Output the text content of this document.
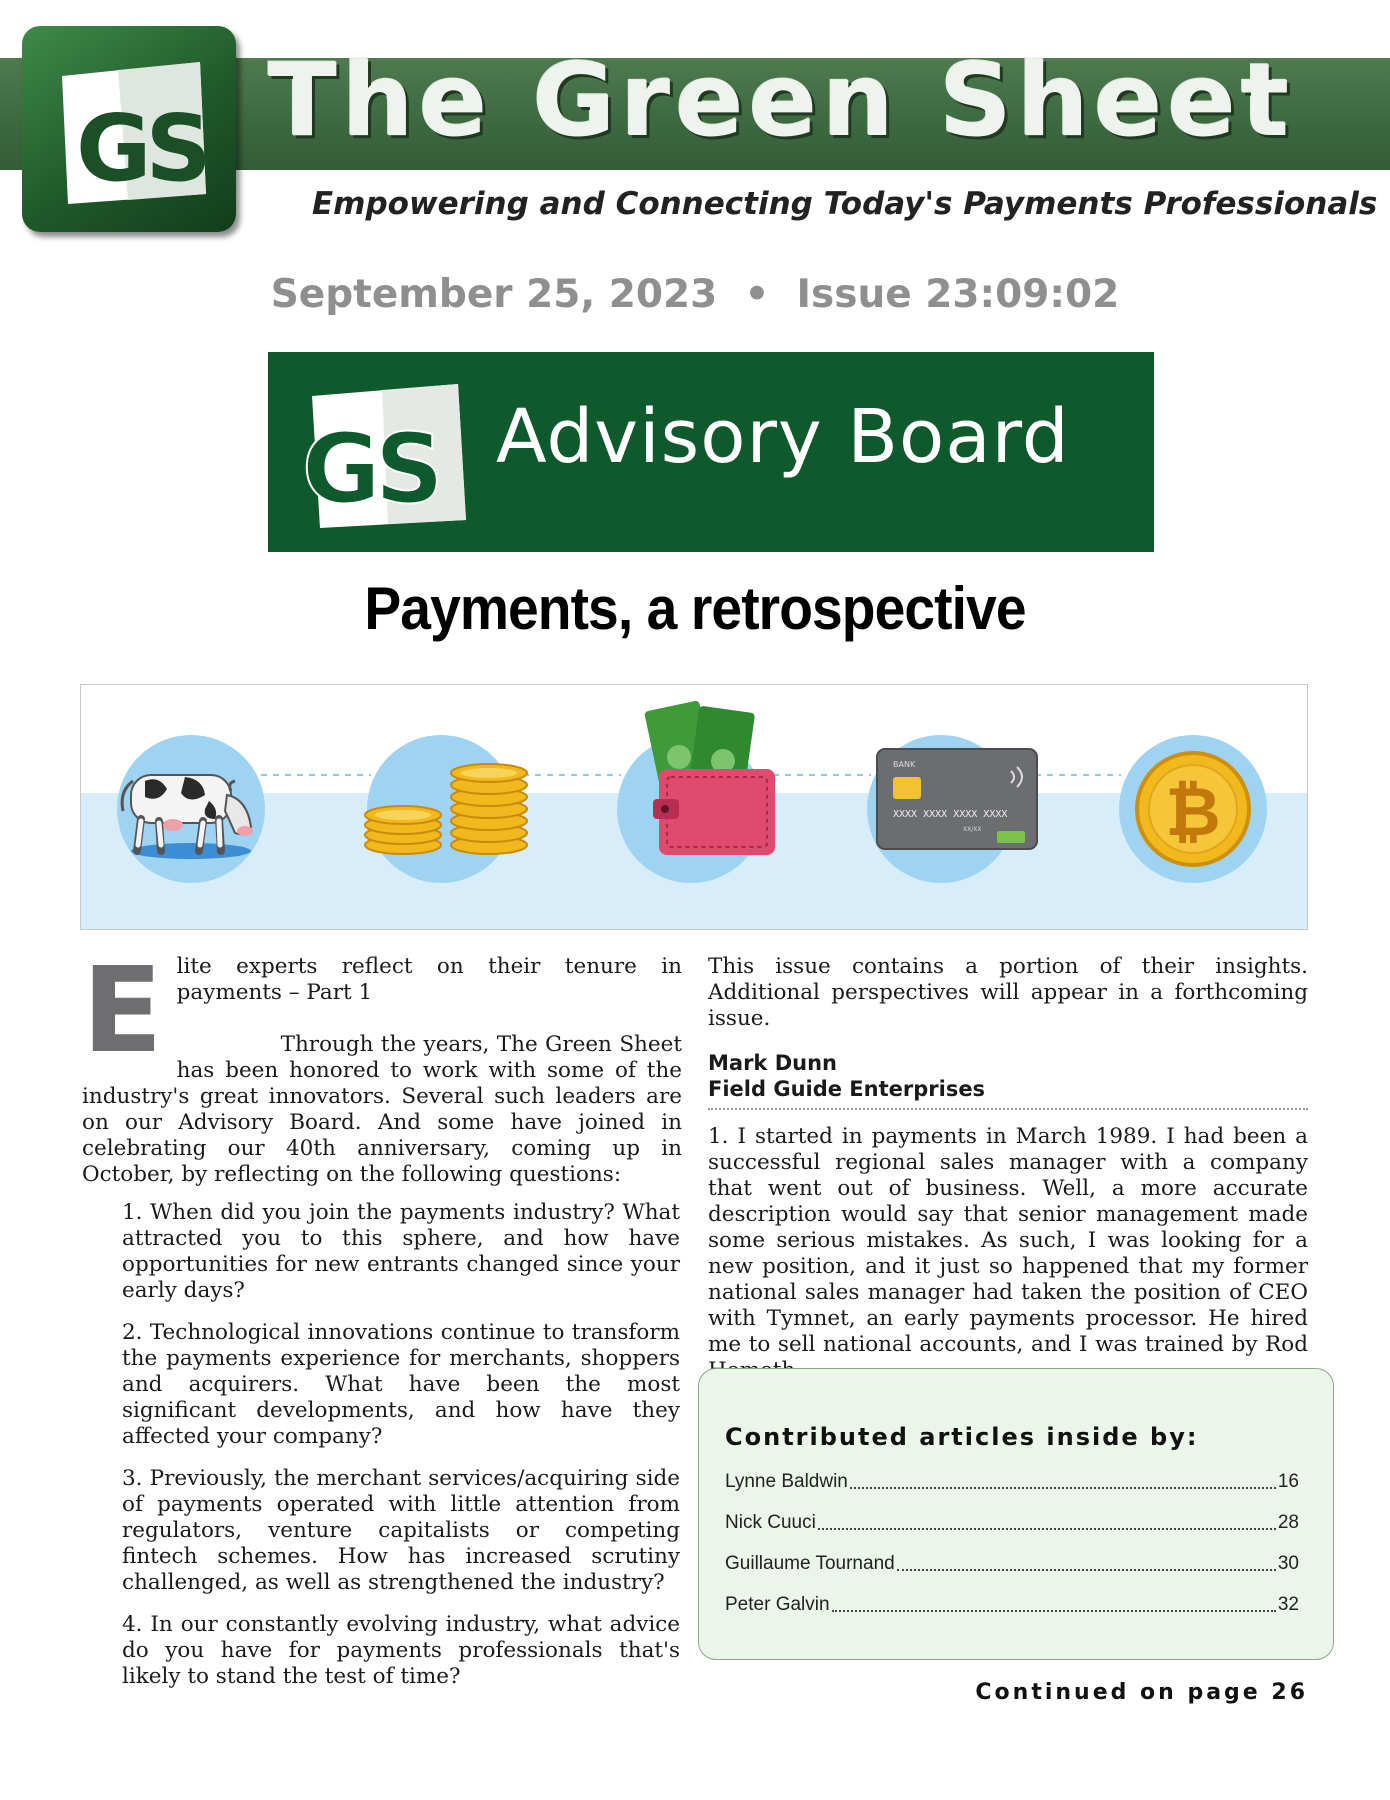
The Green Sheet
Empowering and Connecting Today's Payments Professionals
GS
September 25, 2023  •  Issue 23:09:02
GS Advisory Board
Payments, a retrospective
BANK
XXXX XXXX XXXX XXXX
XX/XX	₿
E lite experts reflect on their tenure in payments – Part 1

Through the years, The Green Sheet has been honored to work with some of the industry's great innovators. Several such leaders are on our Advisory Board. And some have joined in celebrating our 40th anniversary, coming up in October, by reflecting on the following questions:

1. When did you join the payments industry? What attracted you to this sphere, and how have opportunities for new entrants changed since your early days?

2. Technological innovations continue to transform the payments experience for merchants, shoppers and acquirers. What have been the most significant developments, and how have they affected your company?

3. Previously, the merchant services/acquiring side of payments operated with little attention from regulators, venture capitalists or competing fintech schemes. How has increased scrutiny challenged, as well as strengthened the industry?

4. In our constantly evolving industry, what advice do you have for payments professionals that's likely to stand the test of time?

This issue contains a portion of their insights. Additional perspectives will appear in a forthcoming issue.

Mark Dunn
Field Guide Enterprises

1. I started in payments in March 1989. I had been a successful regional sales manager with a company that went out of business. Well, a more accurate description would say that senior management made some serious mistakes. As such, I was looking for a new position, and it just so happened that my former national sales manager had taken the position of CEO with Tymnet, an early payments processor. He hired me to sell national accounts, and I was trained by Rod

Contributed articles inside by:
Lynne Baldwin	16
Nick Cuuci	28
Guillaume Tournand	30
Peter Galvin	32
Continued on page 26
